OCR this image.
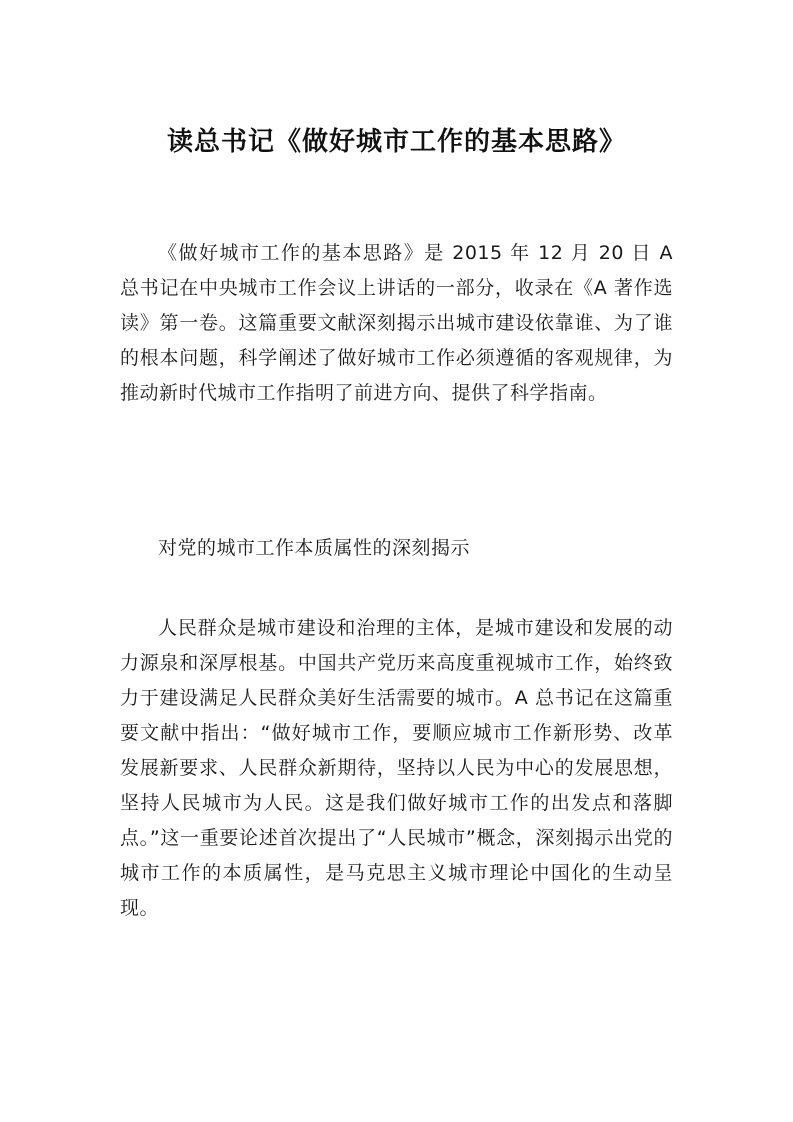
读总书记《做好城市工作的基本思路》

《做好城市工作的基本思路》是 2015 年 12 月 20 日 A 总书记在中央城市工作会议上讲话的一部分，收录在《A 著作选读》第一卷。这篇重要文献深刻揭示出城市建设依靠谁、为了谁的根本问题，科学阐述了做好城市工作必须遵循的客观规律，为推动新时代城市工作指明了前进方向、提供了科学指南。

对党的城市工作本质属性的深刻揭示

人民群众是城市建设和治理的主体，是城市建设和发展的动力源泉和深厚根基。中国共产党历来高度重视城市工作，始终致力于建设满足人民群众美好生活需要的城市。A 总书记在这篇重要文献中指出：“做好城市工作，要顺应城市工作新形势、改革发展新要求、人民群众新期待，坚持以人民为中心的发展思想，坚持人民城市为人民。这是我们做好城市工作的出发点和落脚点。”这一重要论述首次提出了“人民城市”概念，深刻揭示出党的城市工作的本质属性，是马克思主义城市理论中国化的生动呈现。
